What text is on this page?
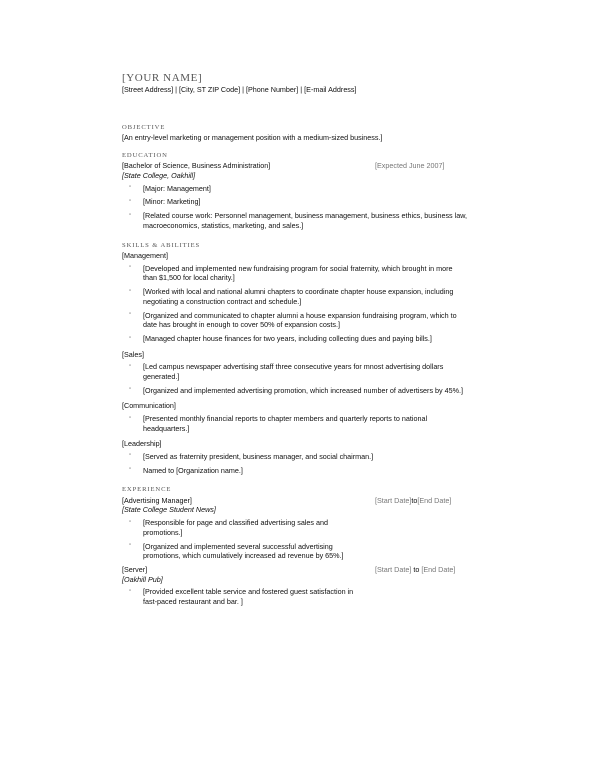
[YOUR NAME]
[Street Address] | [City, ST ZIP Code] | [Phone Number] | [E-mail Address]
OBJECTIVE
[An entry-level marketing or management position with a medium-sized business.]
EDUCATION
[Bachelor of Science, Business Administration]	[Expected June 2007]
[State College, Oakhill]
▫ [Major: Management]
▫ [Minor: Marketing]
▫ [Related course work: Personnel management, business management, business ethics, business law, macroeconomics, statistics, marketing, and sales.]
SKILLS & ABILITIES
[Management]
▫ [Developed and implemented new fundraising program for social fraternity, which brought in more than $1,500 for local charity.]
▫ [Worked with local and national alumni chapters to coordinate chapter house expansion, including negotiating a construction contract and schedule.]
▫ [Organized and communicated to chapter alumni a house expansion fundraising program, which to date has brought in enough to cover 50% of expansion costs.]
▫ [Managed chapter house finances for two years, including collecting dues and paying bills.]
[Sales]
▫ [Led campus newspaper advertising staff three consecutive years for mnost advertising dollars generated.]
▫ [Organized and implemented advertising promotion, which increased number of advertisers by 45%.]
[Communication]
▫ [Presented monthly financial reports to chapter members and quarterly reports to national headquarters.]
[Leadership]
▫ [Served as fraternity president, business manager, and social chairman.]
▫ Named to [Organization name.]
EXPERIENCE
[Advertising Manager]	[Start Date]to[End Date]
[State College Student News]
▫ [Responsible for page and classified advertising sales and promotions.]
▫ [Organized and implemented several successful advertising promotions, which cumulatively increased ad revenue by 65%.]
[Server]	[Start Date] to [End Date]
[Oakhill Pub]
▫ [Provided excellent table service and fostered guest satisfaction in fast-paced restaurant and bar. ]
